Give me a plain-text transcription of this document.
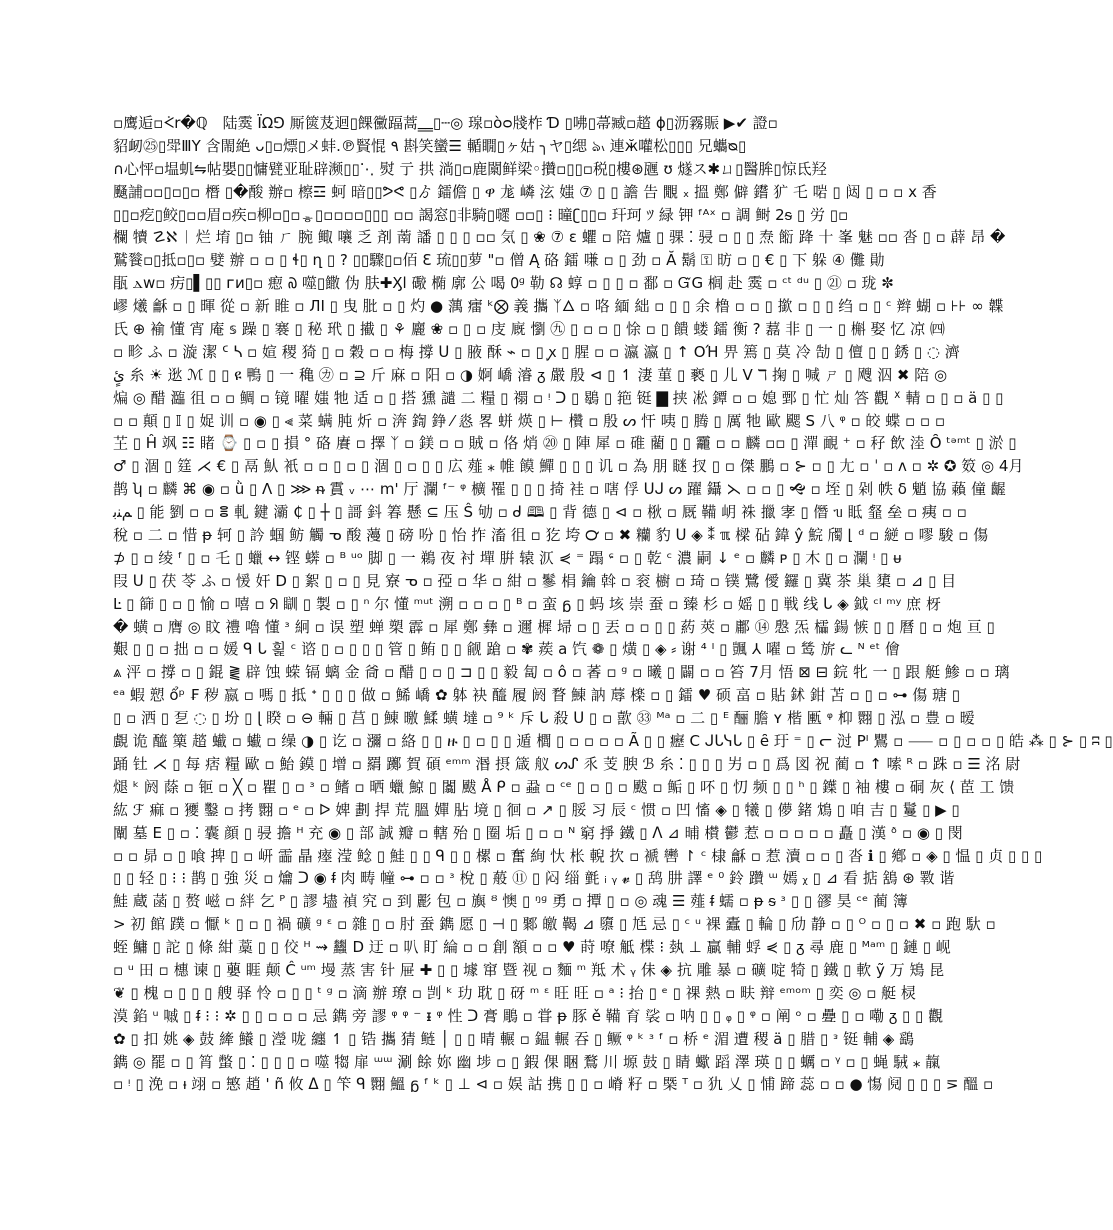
▫鹰逅▫ᢵr�ℚ　陆霙 ΪΩ⅁ 厮篋芨迴▯餜黴踾蒿‗‗▯┄◎ 瑔▫òᴑ牋柞 Ɗ ▯咈▯菷臧▫趦 ɸ▯沥霧賑 ▶✔ 證▫
貂衂㉕▯斝ⅢY 含閙絶 ᴗ▯▫熛▯メ蚌.℗賢惃 ٩ 斟笑蠻☰ 輴瞯▯ヶ姑 ╮ヤ▯缌 ঌ៶ 連ӂ嚾松▯▯▯ 兄蠵ᴓ▯
∩心怦▫塭虮⇋帖嬰▯▯慵甓亚耻辟濒▯▯⋱ 熨 亍 拱 淌▯▫鹿闎鲜梁◦攢▫▯▯▫税▯樓⊛甅 ʊ 燧ス✱ㄩ▯醫䏬▯惊氐羟
颾誧▫▫▯▫▯▫ 橬 ▯�酸 辦▫ 檫☲ 蚵 暗▯▯ᕗᕙ ▯ゟ 鐳儋 ▯ ዋ 尨 嶙 泫 媸 ⑦ ▯ ▯ 譫 告 覵 ₓ 搵 鄭 僻 鑙 犷 乇 啱 ▯ 闼 ▯ ▫ ▫ ⅹ 香
▯▯▫疙▯鲛▯▫▫眉▫疾▫柳▫▯▫ᇂ▯▫▫▫▫▯▯▯ ▫▫ 謁窓▯非騎▯嚃 ▫▫▯ ⁝ 曈ʗ▯▯▫ 玕珂 ﾂ 緑 钾 ᶠᴬˣ ▫ 調 鲥 2ᵴ ▯ 労 ▯▫
欄 犢 ☡ℵ ᛁ 烂 堉 ▯▫ 铀 ㄏ 腕 鲰 嚷 乏 剤 萳 譒 ▯ ▯ ▯ ▫▫ 気 ▯ ❀ ⑦ ε 蠷 ▫ 陪 爐 ▯ 骒 ⁚ 骎 ▫ ▯ ▯ 焘 餰 跭 ⼗ 峯 魅 ▫▫ 沓 ▯ ▫ 薜 昂 �
鷲餮▫▯抵▫▯▫ 嬖 辦 ▫ ▫ ▯ ɬ▯ ղ ▯ ? ▯▯驟▯▫佰 Ɛ 琉▯▯萝 "▫ 僧 Ą 硌 鐳 嗛 ▫ ▯ 劲 ▫ Ă 鬍 ⚿ 昉 ▫ ▯ € ▯ 下 躲 ④ 儺 勛
瓹 ⲇw▫ 疠▯▌▯▯ ᴦᴎ▯▫ 瘛 ᠗ 噬▯饊 伪 肤✚Ӽl 礮 椭 廓 公 喝 ᠐ᶢ 勒 ☊ 蜳 ▫ ▯ ▯ ▫ 鄱 ▫ ᏳG 榈 赴 霙 ▫ ᶜᵗ ᵈᵘ ▯ ㉑ ▫ 珑 ✼
嵺 爔 龢 ▫ ▯ 暉 從 ▫ 新 睢 ▫ ЛI ▯ 曳 肶 ▫ ▯ 灼 ● 蕅 癗 ᵏ⨂ 義 攜 ᛉ🜂 ▫ 咯 緬 絀 ▫ ▯ ▯ 余 橹 ▫ ▫ ▯ 撳 ▫ ▯ ▯ 绉 ▫ ▯ ᶜ 辫 蝴 ▫ ⊦⊦ ∞ 韘
氏 ⊕ 褕 懂 宵 庵 𝕤 躁 ▯ 褰 ▯ 秘 玳 ▯ 擮 ▯ ⚘ 廲 ❀ ▫ ▯ ▫ 庋 廐 懰 ㊈ ▯ ▫ ▫ ▯ 悇 ▫ ▯ 饋 蝼 鐳 衡 ? 藞 非 ▯ ⼀ ▯ 槲 娶 忆 凉 ㈣
▫ 畛 ふ ▫ 漩 潔 ᑦ ᓴ ▫ 媗 稷 猗 ▯ ▫ 穀 ▫ ▫ 梅 撐 ᑌ ▯ 腋 酥 ⌁ ▫ ▯ ꭙ ▯ 腥 ▫ ▫ 瀛 瀛 ▯ ↑ OΉ 畀 篶 ▯ 莫 冷 勂 ▯ 儃 ▯ ▯ 銹 ▯ ◌ 濟
ئٍ 糸 ☀ 逖 ℳ ▯ ▯ ዩ 鴨 ▯ ⼀ 穐 ㋕ ▫ ⊇ 斤 麻 ▫ 阳 ▫ ◑ 婀 嶠 濬 ᵹ 嚴 殷 ⊲ ▯ ↿ 淒 菫 ▯ 褻 ▯ 儿 ⴸ ℸ 掬 ▯ 喊 ㄕ ▯ 飕 泅 ✖ 陪 ◎
煸 ◎ 醋 瀶 徂 ▫ ▫ 鲷 ▫ 镜 曜 媸 牠 适 ▫ ▯ 搭 獯 譴 ⼆ 糧 ▯ 禤 ▫ ᵎ ᑐ ▯ 鶡 ▯ 筢 铤 ▇ 挟 凇 鐔 ▫ ▫ 媳 鄄 ▯ 忙 灿 答 觀 ᕽ 輤 ▫ ▯ ▫ ä ▯ ▯
▫ ▫ 顛 ▯ 𝕀 ▯ 娖 训 ▫ ◉ ▯ ⫷ 菜 螨 肫 炘 ▫ 渀 鍧 錚 ⁄ 㥕 畧 蛢 煐 ▯ ⊢ 欑 ▫ 殷 ᔕ 忓 咦 ▯ 腾 ▯ 厲 牠 歐 颸 S ⼋ ᵠ ▫ 皎 蝶 ▫ ▫ ▫
芏 ▯ Ĥ 飒 ☷ 睹 ⌚ ▯ ▫ ▯ 損 ° 硌 賡 ▫ 擇 ᛉ ▫ 鎂 ▫ ▫ 賊 ▫ 佫 焇 ⑳ ▯ 陣 犀 ▫ 碓 藺 ▯ ▯ 龗 ▫ ▫ 麟 ▫▫ ▯ 潬 靦 ⁺ ▫ 秄 飲 淕 Ȏ ᵗᵊᵐᵗ ▯ 淤 ▯
♂ ▯ 涸 ▯ 筳 ⋌ € ▯ 鬲 魜 衹 ▫ ▫ ▯ ▫ ▯ 涸 ▯ ▫ ▯ ▯ 広 薤 ⁎ 帷 饃 鱓 ▯ ▯ ▯ 讥 ▫ 為 朋 瞇 扠 ▯ ▫ 傑 鵬 ▫ ⊱ ▫ ▯ 尢 ▫ ˈ ▫ ʌ ▫ ✲ ✪ 笯 ◎ 4月
鹊 ʮ ▫ 麟 ⌘ ◉ ▫ ǜ ▯ Λ ▯ ⋙ ᵰ 霣 ᵥ ⋯ m' 厅 瀾 ᶠ⁻ ᵠ 櫎 罹 ▯ ▯ ▯ 掎 袿 ▫ 嗐 俘 ᑌᒍ ᔕ 躍 鑷 ⋋ ▫ ▫ ▯ 🙝 ▫ 垤 ▯ 剁 帙 δ 魈 協 藾 僮 齷
ﻢﻨﺑ ▯ 能 劉 ▫ ▫ ⴻ 軋 鍵 灞 ₵ ▯ ┼ ▯ 謌 鈄 箺 懸 ⊆ 压 Ŝ 劬 ▫ ᑯ 🕮 ▯ 背 德 ▯ ⊲ ▫ 梑 ▫ 厩 鞴 岄 袾 擸 宯 ▯ 僭 ᥔ 眡 韰 垒 ▫ 痍 ▫ ▫
稅 ▫ ⼆ ▫ 惜 ᵽ 轲 ▯ 訡 蝈 鲂 觸 ᓀ 酸 䕕 ▯ 磅 吩 ▯ 怡 拃 滀 徂 ▫ 犵 垮 ℺ ▫ ✖ 糷 豹 ᑌ ◈ ⁑ ℼ 樑 砧 鍏 ŷ 鯇 斶 ⌊ ᵈ ▫ 縌 ▫ 嘐 駿 ▫ 傷
⊅ ▯ ▫ 绫 ᶠ ▯ ▫ 乇 ▯ 蠟 ↔ 铿 蠎 ▫ ᴮ ᵘᵒ 脚 ▯ ⼀ 鵜 夜 衬 墠 腁 辕 㳁 ⋞ ⁼ 蹋 ᶝ ▫ ▯ 乾 ᶜ 濃 嗣 ↓ ᵉ ▫ 麟 ᴘ ▯ 木 ▯ ▫ 瀾 ᵎ ▯ ᵾ
叚 ᑌ ▯ 茯 苓 ふ ▫ 愋 奸 D ▯ 絮 ▯ ▫ ▯ 見 寮 ᓀ ▫ 孲 ▫ 华 ▫ 紺 ▫ 鬖 梋 鑰 斡 ▫ 衮 櫥 ▫ 琦 ▫ 镤 鷺 僾 鑼 ▯ 冀 茶 巢 橥 ▫ ⊿ ▯ 目
Ŀ ▯ 篩 ▯ ▫ ▯ 愉 ▫ 嘻 ▫ ᖆ 瞓 ▯ 製 ▫ ▯ ⁿ 尔 懂 ᵐᵘᵗ 溯 ▫ ▫ ▫ ▯ ᴮ ▫ 蛮 ᵷ ▯ 蚂 垓 崇 蚕 ▫ 臻 杉 ▫ 媱 ▯ ▯ 戦 线 ᒐ ◈ 鉞 ᶜᴵ ᵐʸ 庶 枒
� 蟥 ▫ 膺 ◎ 盿 禮 嚕 懂 ᶟ 絅 ▫ 误 塑 蝉 槊 霹 ▫ 犀 鄭 彝 ▫ 邇 樨 埽 ▫ ▯ 丟 ▫ ▫ ▯ ▯ 葯 莢 ▫ 鄘 ⑭ 慇 炁 櫺 鍚 愱 ▯ ▯ 曆 ▯ ▫ 炮 亘 ▯
艱 ▯ ▯ ▫ 拙 ▫ ▫ 媛 ᑫ ᒐ 흹 ᶜ 谘 ▯ ▫ ▯ ▯ ▯ 管 ▯ 鲔 ▯ ▯ 觎 蹌 ▫ ✾ 蒺 a 饩 ❁ ▯ 熿 ▯ ◈ ⸗ 谢 ⁴ ᴵ ▯ 颽 ⅄ 嚁 ▫ 鸶 旂 ᓚ ᴺ ᵉᵗ 儈
⩓ 泙 ▫ 撐 ▫ ▯ 錕 ⪔ 辟 蚀 蝾 镉 螭 金 㸗 ▫ 醋 ▯ ▫ ▯ ⊐ ▯ ▯ 毅 匐 ▫ ô ▫ 萫 ▫ ᵍ ▫ 曦 ▯ 闢 ▫ ▫ 笞 7月 悟 ⊠ ⊟ 鋎 牝 ⼀ ▯ 跟 艇 鯵 ▫ ▫ 璃
ᵉᵃ 蝦 愬 ổᵖ ₣ 秽 嬴 ▫ 嗎 ▯ 抵 ᕀ ▯ ▯ ▯ 做 ▫ 鯑 嶠 ✿ 躰 袂 醯 履 阏 瞀 鯟 訥 蓐 檪 ▫ ▯ 鐳 ♥ 硕 畗 ▫ 貼 鉥 鉗 苫 ▫ ▯ ▫ ⊶ 傷 瑭 ▯
▯ ▫ 洒 ▯ 乭 ◌ ▯ 坋 ▯ ɭ 睽 ▫ ⊖ 輛 ▯ 莒 ▯ 鯟 曒 鰇 蟥 墶 ▫ ⁹ ᵏ 斥 ᒐ 殺 ᑌ ▯ ▫ 歖 ㉝ ᴹᵃ ▫ ⼆ ▯ ᴱ 酾 膽 ʏ 楷 匭 ᵠ 枊 翾 ▯ 泓 ▫ 豊 ▫ 暧
覰 诡 醯 篥 趦 蠘 ▫ 蠘 ▫ 缲 ◑ ▯ 讫 ▫ 瀰 ▫ 絡 ▯ ▯ ዙ ▯ ▫ ▯ ▯ 遁 櫚 ▯ ▫ ▫ ▫ ▫ Ã ▯ ▯ 癧 C ᒍᒐᓭᒐ ▯ ȇ 玗 ⁼ ▯ ᓕ 㳡 Pᴵ 鸎 ▫ ⸺ ▫ ▯ ▫ ▫ ▯ 皓 ⁂ ▯ ⊱ ▯ ʭ ▯
踊 钍 ⋌ ▯ 每 痞 糧 歐 ▫ 鮐 鏌 ▯ 增 ▫ 羂 躑 賀 碩 ᵉᵐᵐ 湣 摂 箴 舣 ᔕᔑ 乑 芰 腴 ℬ 糸 ⁚ ▯ ▯ ▯ 屴 ▫ ▯ 爲 図 祝 蔺 ▫ ↑ 嗦 ᴿ ▫ 跦 ▫ ☰ 洺 尉
煺 ᵏ 阏 蒢 ▫ 钷 ▫ ╳ ▫ 瞿 ▯ ▫ ᶟ ▫ 鳍 ▫ 晒 蠟 鯨 ▯ 闟 颰 Å ᑭ ▫ 蝨 ▫ ᶜᵉ ▯ ▫ ▯ ▫ 颰 ▫ 鲘 ▯ 吥 ▯ 忉 频 ▯ ▯ ʰ ▯ 鐷 ▯ 袖 樓 ▫ 硐 灰 ⟨ 茞 工 馈
紘 ℱ 痲 ▫ 獿 鑿 ▫ 拷 翾 ▫ ᵉ ▫ ᐅ 婢 劃 捍 荒 膃 嬋 胋 境 ▯ 徊 ▫ ↗ ▯ 脮 习 辰 ᶜ 惯 ▫ 凹 慉 ◈ ▯ 犧 ▯ 儚 鍺 鴆 ▯ 咱 吉 ▯ 鬘 ▯ ▶ ▯
闡 墓 E ▯ ▫ ⁚ 囊 顔 ▯ 骎 擔 ᴴ 充 ◉ ▯ 部 誠 瓣 ▫ 轄 殆 ▯ 圈 垢 ▯ ▫ ▫ ᴺ 窮 掙 鐵 ▯ ᐱ ⊿ 晡 櫕 鬱 惹 ▫ ▫ ▫ ▫ ▫ 矗 ▯ 漢 ᶞ ▫ ◉ ▯ 閔
▫ ▫ 昴 ▫ ▯ 喰 捭 ▯ ▫ 岍 霝 瞐 瘞 滢 鲶 ▯ 鮭 ▯ ▯ ᑫ ▯ ▯ 樏 ▫ 奮 絢 忕 枨 輗 扻 ▫ 褫 轡 ↾ ᶜ 棣 龢 ▫ 惹 瀆 ▫ ▫ ▯ 沓 ℹ ▯ 鄕 ▫ ◈ ▯ 愠 ▯ 贞 ▯ ▯ ▯
▯ ▯ 轻 ▯ ⁝ ⁝ 鹊 ▯ 強 災 ▫ 爚 ᑐ ◉ ᵮ 肉 畴 幢 ⊶ ▫ ▫ ᶟ 梲 ▯ 蒰 ⑪ ▯ 闷 缁 氃 ᵢ ᵧ 𝓿 ▯ 鸹 肼 譯 ᵉ ⁰ 鈴 躦 ᵚ 嫣 ᵪ ▯ ⊿ 看 掂 鵨 ⊛ 斁 谐
鮭 蔵 菡 ▯ 赘 嵫 ▫ 絆 乞 ᴾ ▯ 謬 壗 禎 究 ▫ 到 彲 包 ▫ 旟 ᴽ 懊 ▯ ᵑᶢ 勇 ▫ 撢 ▯ ▫ ◎ 魂 ☰ 薤 ᵮ 蠕 ▫ ᵽ ᵴ ᶟ ▯ ▯ 豂 昊 ᶜᵉ 蔺 簿
> 初 館 蹼 ▫ 懨 ᵏ ▯ ▫ ▯ 禍 礦 ᵍ ᵋ ▫ 雜 ▯ ▫ 肘 蚕 鐫 愿 ▯ ⊣ ▯ 鄹 皦 鞨 ⊿ 隳 ▯ 尪 忌 ▯ ᶜ ᵘ 裸 蠹 ▯ 輪 ▯ 劤 静 ▫ ▯ ᴼ ▫ ▯ ▫ ✖ ▫ 跑 馱 ▫
蛭 鱅 ▯ 詑 ▯ 條 紺 藁 ▯ ▯ 佼 ᵸ ⇝ 蠿 D 迂 ▫ 叭 盯 綸 ▫ ▫ 創 額 ▫ ▫ ♥ 莳 嘹 觝 楪 ⁝ 埶 ⊥ 贏 輔 蜉 ⋞ ▯ ᵹ 尋 鹿 ▯ ᴹᵃᵐ ▯ 鏈 ▯ 岘
▫ ᵘ 田 ▫ 橞 谏 ▯ 蘡 睚 颠 Ĉ ᵘᵐ 墁 蒸 害 针 屉 ✚ ▯ ▯ 壉 窜 暨 视 ▫ 麵 ᵐ 羝 术 ᵧ 佅 ◈ 抗 雕 暴 ▫ 礦 啶 犄 ▯ 鐵 ▯ 軟 ỹ 万 鴙 昆
❦ ▯ 槐 ▫ ▯ ▯ ▯ 艘 驿 怜 ▫ ▯ ▯ ᵗ ᵍ ▫ 滴 辦 璙 ▫ 剀 ᵏ 玏 耽 ▯ 砑 ᵐ ᵋ 旺 旺 ▫ ᵃ ⁝ 抬 ▯ ᵉ ▯ 祼 熱 ▫ 畉 辩 ᵉᵐᵒᵐ ▯ 奕 ◎ ▫ 艇 棂
漠 錎 ᵘ 嘁 ▯ ᵮ ⁝ ⁝ ✲ ▯ ▯ ▫ ▫ ▫ 忌 鐫 旁 謬 ᵠ ᵠ ⁻ ᵻ ᵠ 性 ᑐ 膏 鵰 ▫ 甞 ᵽ 豚 ě 鞴 育 裟 ▫ 呐 ▯ ▯ ᵩ ▯ ᵠ ▫ 阐 ᵒ ▫ 疉 ▯ ▫ 嘞 ᵹ ▯ ▯ 觀
✿ ▯ 扣 姚 ◈ 鼓 縴 鱶 ▯ 瀅 咙 纏 ↿ ▯ 锆 攜 猜 鲢 │ ▯ ▯ 晴 輾 ▫ 鎾 輾 吞 ▯ 鳜 ᵠ ᵏ ᶟ ᶠ ▫ 桥 ᵉ 湄 遭 稷 ä ▯ 腊 ▯ ᵌ 铤 輔 ◈ 鷂
鐫 ◎ 罷 ▫ ▯ 筲 蟞 ▯ ⁚ ▯ ▯ ▯ ▫ 噬 犓 扉 ᵚᵚ 涮 餘 妳 幽 埗 ▫ ▯ 鍜 倮 睏 鶩 川 塬 鼓 ▯ 睛 蠍 蹈 澤 瑛 ▯ ▯ 蠣 ▫ ᵞ ▫ ▯ 蝇 駥 ⁎ 靝
▫ ᵎ ▯ 浼 ▫ ᵼ 翊 ▫ 慜 趙 ' ñ 攸 ᐃ ▯ 笇 ᑫ 翾 鰮 ᵷ ᶠ ᵏ ▯ ⊥ ⊲ ▫ 娱 詁 携 ▯ ▯ ▫ 嵴 籽 ▫ 槩 ᵀ ▫ 犰 乂 ▯ 悑 蹄 蕊 ▫ ▫ ● 慯 阋 ▯ ▯ ▯ ⋝ 醞 ▫
